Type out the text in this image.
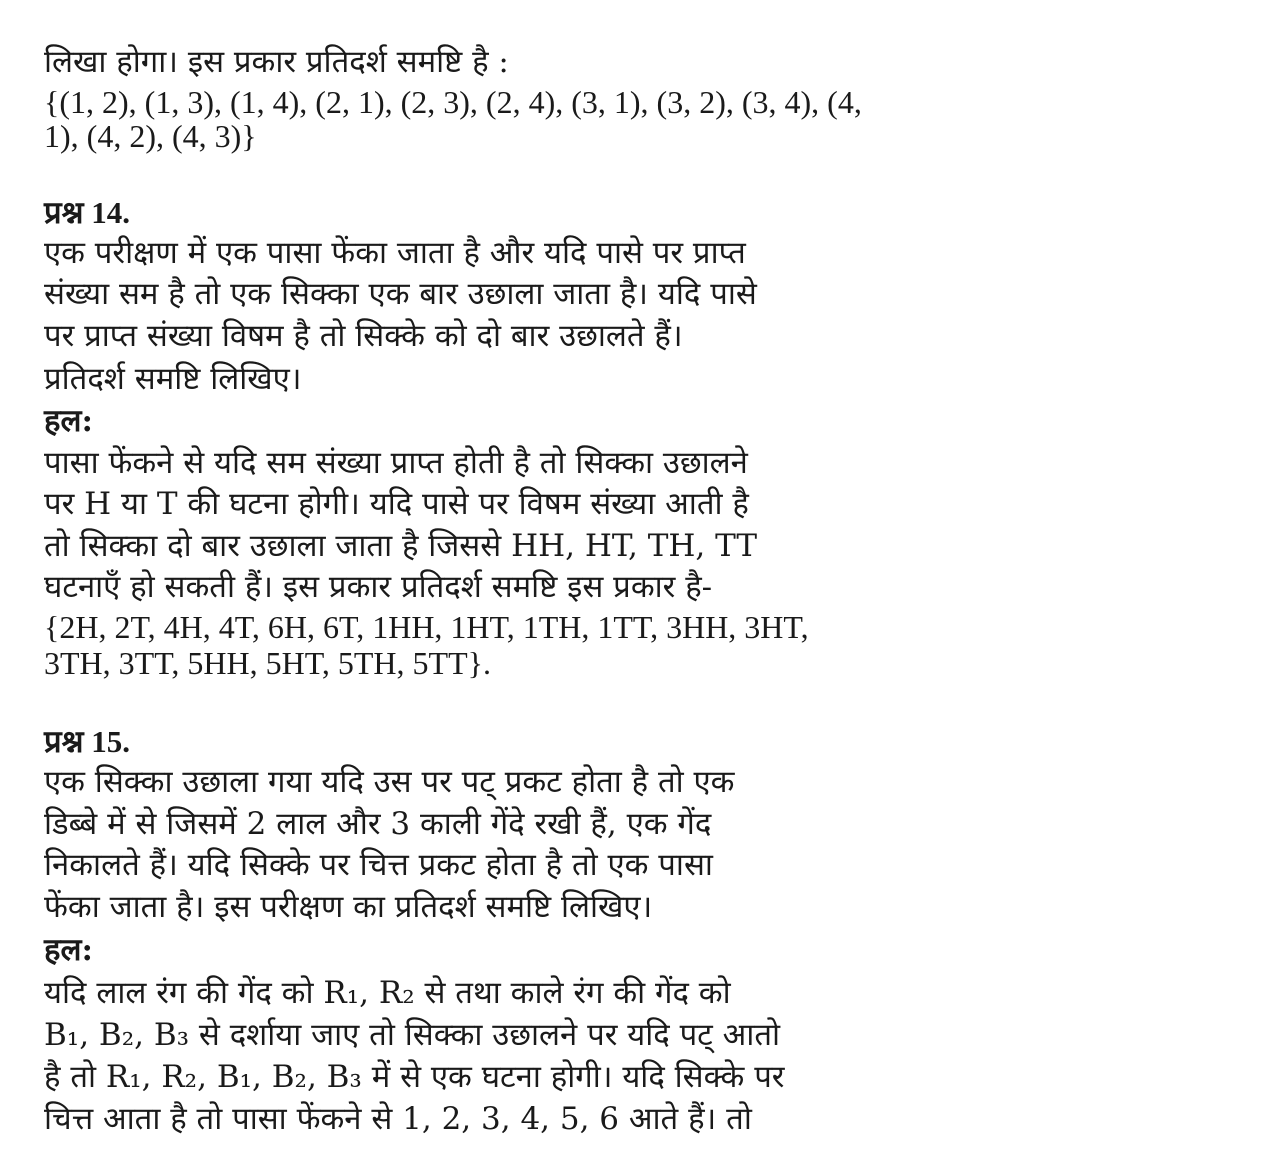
लिखा होगा। इस प्रकार प्रतिदर्श समष्टि है :
{(1, 2), (1, 3), (1, 4), (2, 1), (2, 3), (2, 4), (3, 1), (3, 2), (3, 4), (4,
1), (4, 2), (4, 3)}
प्रश्न 14.
एक परीक्षण में एक पासा फेंका जाता है और यदि पासे पर प्राप्त
संख्या सम है तो एक सिक्का एक बार उछाला जाता है। यदि पासे
पर प्राप्त संख्या विषम है तो सिक्के को दो बार उछालते हैं।
प्रतिदर्श समष्टि लिखिए।
हल:
पासा फेंकने से यदि सम संख्या प्राप्त होती है तो सिक्का उछालने
पर H या T की घटना होगी। यदि पासे पर विषम संख्या आती है
तो सिक्का दो बार उछाला जाता है जिससे HH, HT, TH, TT
घटनाएँ हो सकती हैं। इस प्रकार प्रतिदर्श समष्टि इस प्रकार है-
{2H, 2T, 4H, 4T, 6H, 6T, 1HH, 1HT, 1TH, 1TT, 3HH, 3HT,
3TH, 3TT, 5HH, 5HT, 5TH, 5TT}.
प्रश्न 15.
एक सिक्का उछाला गया यदि उस पर पट् प्रकट होता है तो एक
डिब्बे में से जिसमें 2 लाल और 3 काली गेंदे रखी हैं, एक गेंद
निकालते हैं। यदि सिक्के पर चित्त प्रकट होता है तो एक पासा
फेंका जाता है। इस परीक्षण का प्रतिदर्श समष्टि लिखिए।
हल:
यदि लाल रंग की गेंद को R₁, R₂ से तथा काले रंग की गेंद को
B₁, B₂, B₃ से दर्शाया जाए तो सिक्का उछालने पर यदि पट् आतो
है तो R₁, R₂, B₁, B₂, B₃ में से एक घटना होगी। यदि सिक्के पर
चित्त आता है तो पासा फेंकने से 1, 2, 3, 4, 5, 6 आते हैं। तो
